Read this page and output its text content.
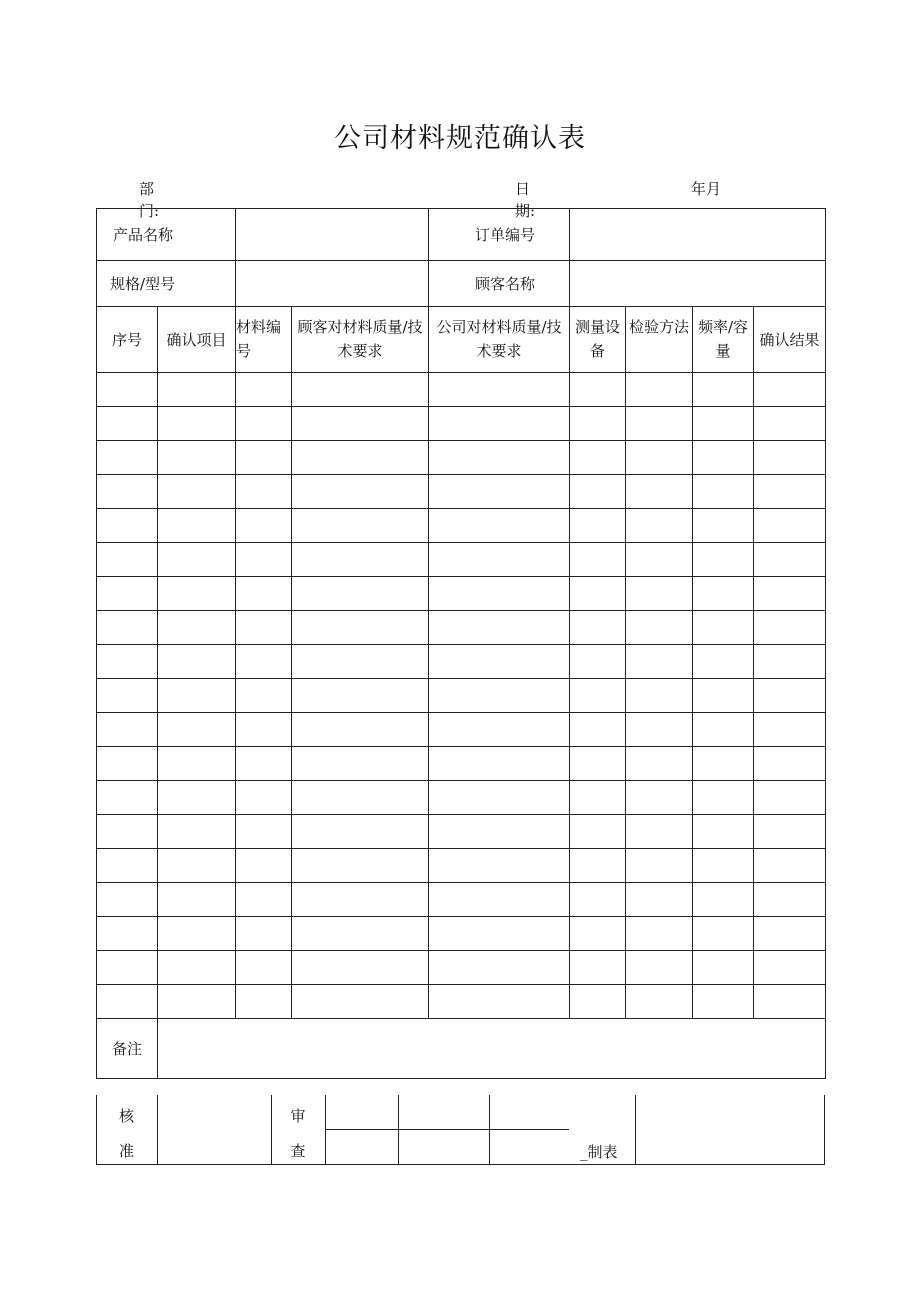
公司材料规范确认表
部
门:
日
期:
年月
产品名称				订单编号				
规格/型号				顾客名称				
序号	确认项目	材料编号	顾客对材料质量/技术要求	公司对材料质量/技术要求	测量设备	检验方法	频率/容量	确认结果

备注								
核
准
审
查	_制表
